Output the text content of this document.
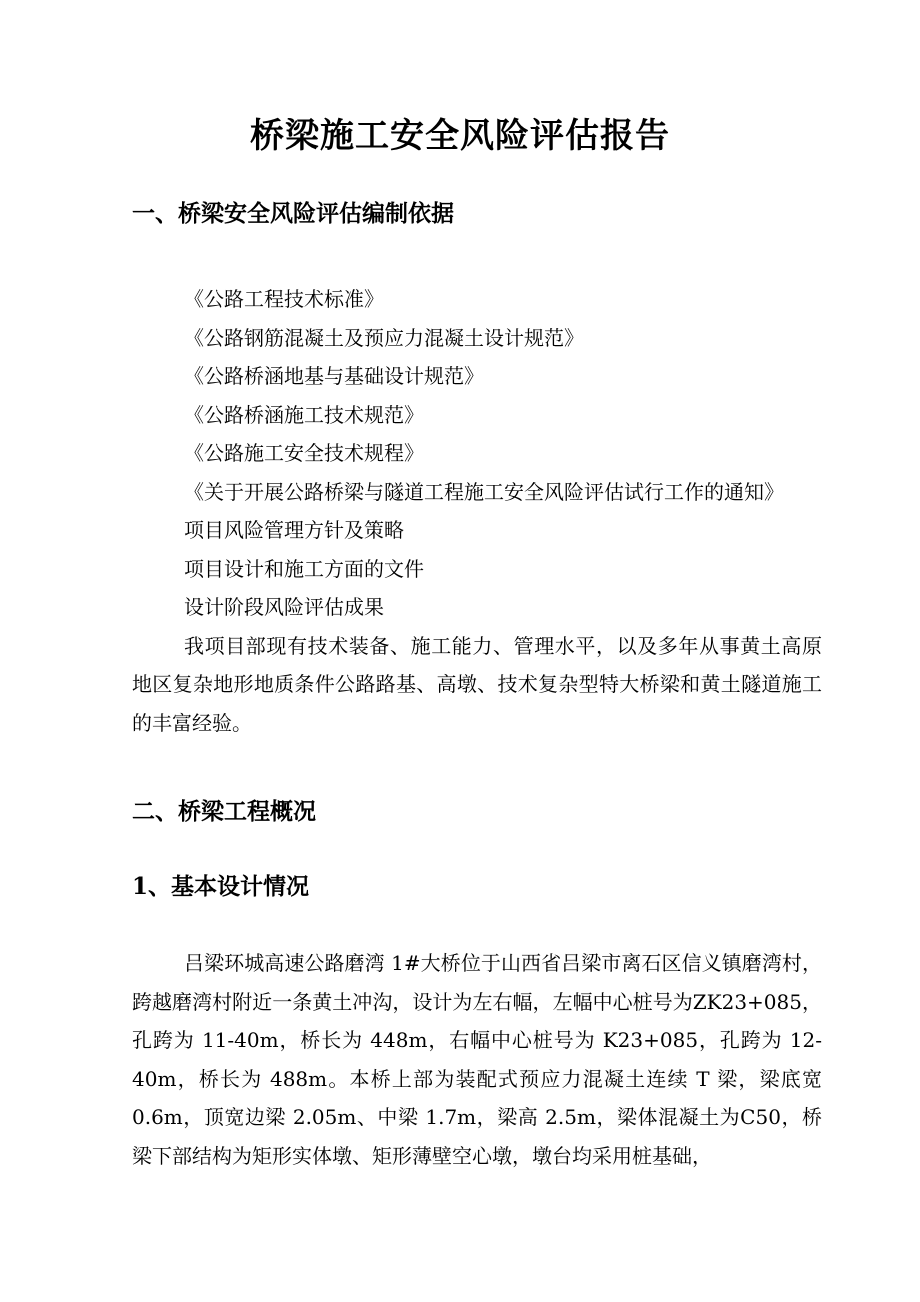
桥梁施工安全风险评估报告
一、桥梁安全风险评估编制依据
《公路工程技术标准》
《公路钢筋混凝土及预应力混凝土设计规范》
《公路桥涵地基与基础设计规范》
《公路桥涵施工技术规范》
《公路施工安全技术规程》
《关于开展公路桥梁与隧道工程施工安全风险评估试行工作的通知》
项目风险管理方针及策略
项目设计和施工方面的文件
设计阶段风险评估成果
我项目部现有技术装备、施工能力、管理水平，以及多年从事黄土高原地区复杂地形地质条件公路路基、高墩、技术复杂型特大桥梁和黄土隧道施工的丰富经验。
二、桥梁工程概况
1、基本设计情况
吕梁环城高速公路磨湾 1#大桥位于山西省吕梁市离石区信义镇磨湾村，跨越磨湾村附近一条黄土冲沟，设计为左右幅，左幅中心桩号为ZK23+085，孔跨为 11-40m，桥长为 448m，右幅中心桩号为 K23+085，孔跨为 12-40m，桥长为 488m。本桥上部为装配式预应力混凝土连续 T 梁，梁底宽 0.6m，顶宽边梁 2.05m、中梁 1.7m，梁高 2.5m，梁体混凝土为C50，桥梁下部结构为矩形实体墩、矩形薄壁空心墩，墩台均采用桩基础，
